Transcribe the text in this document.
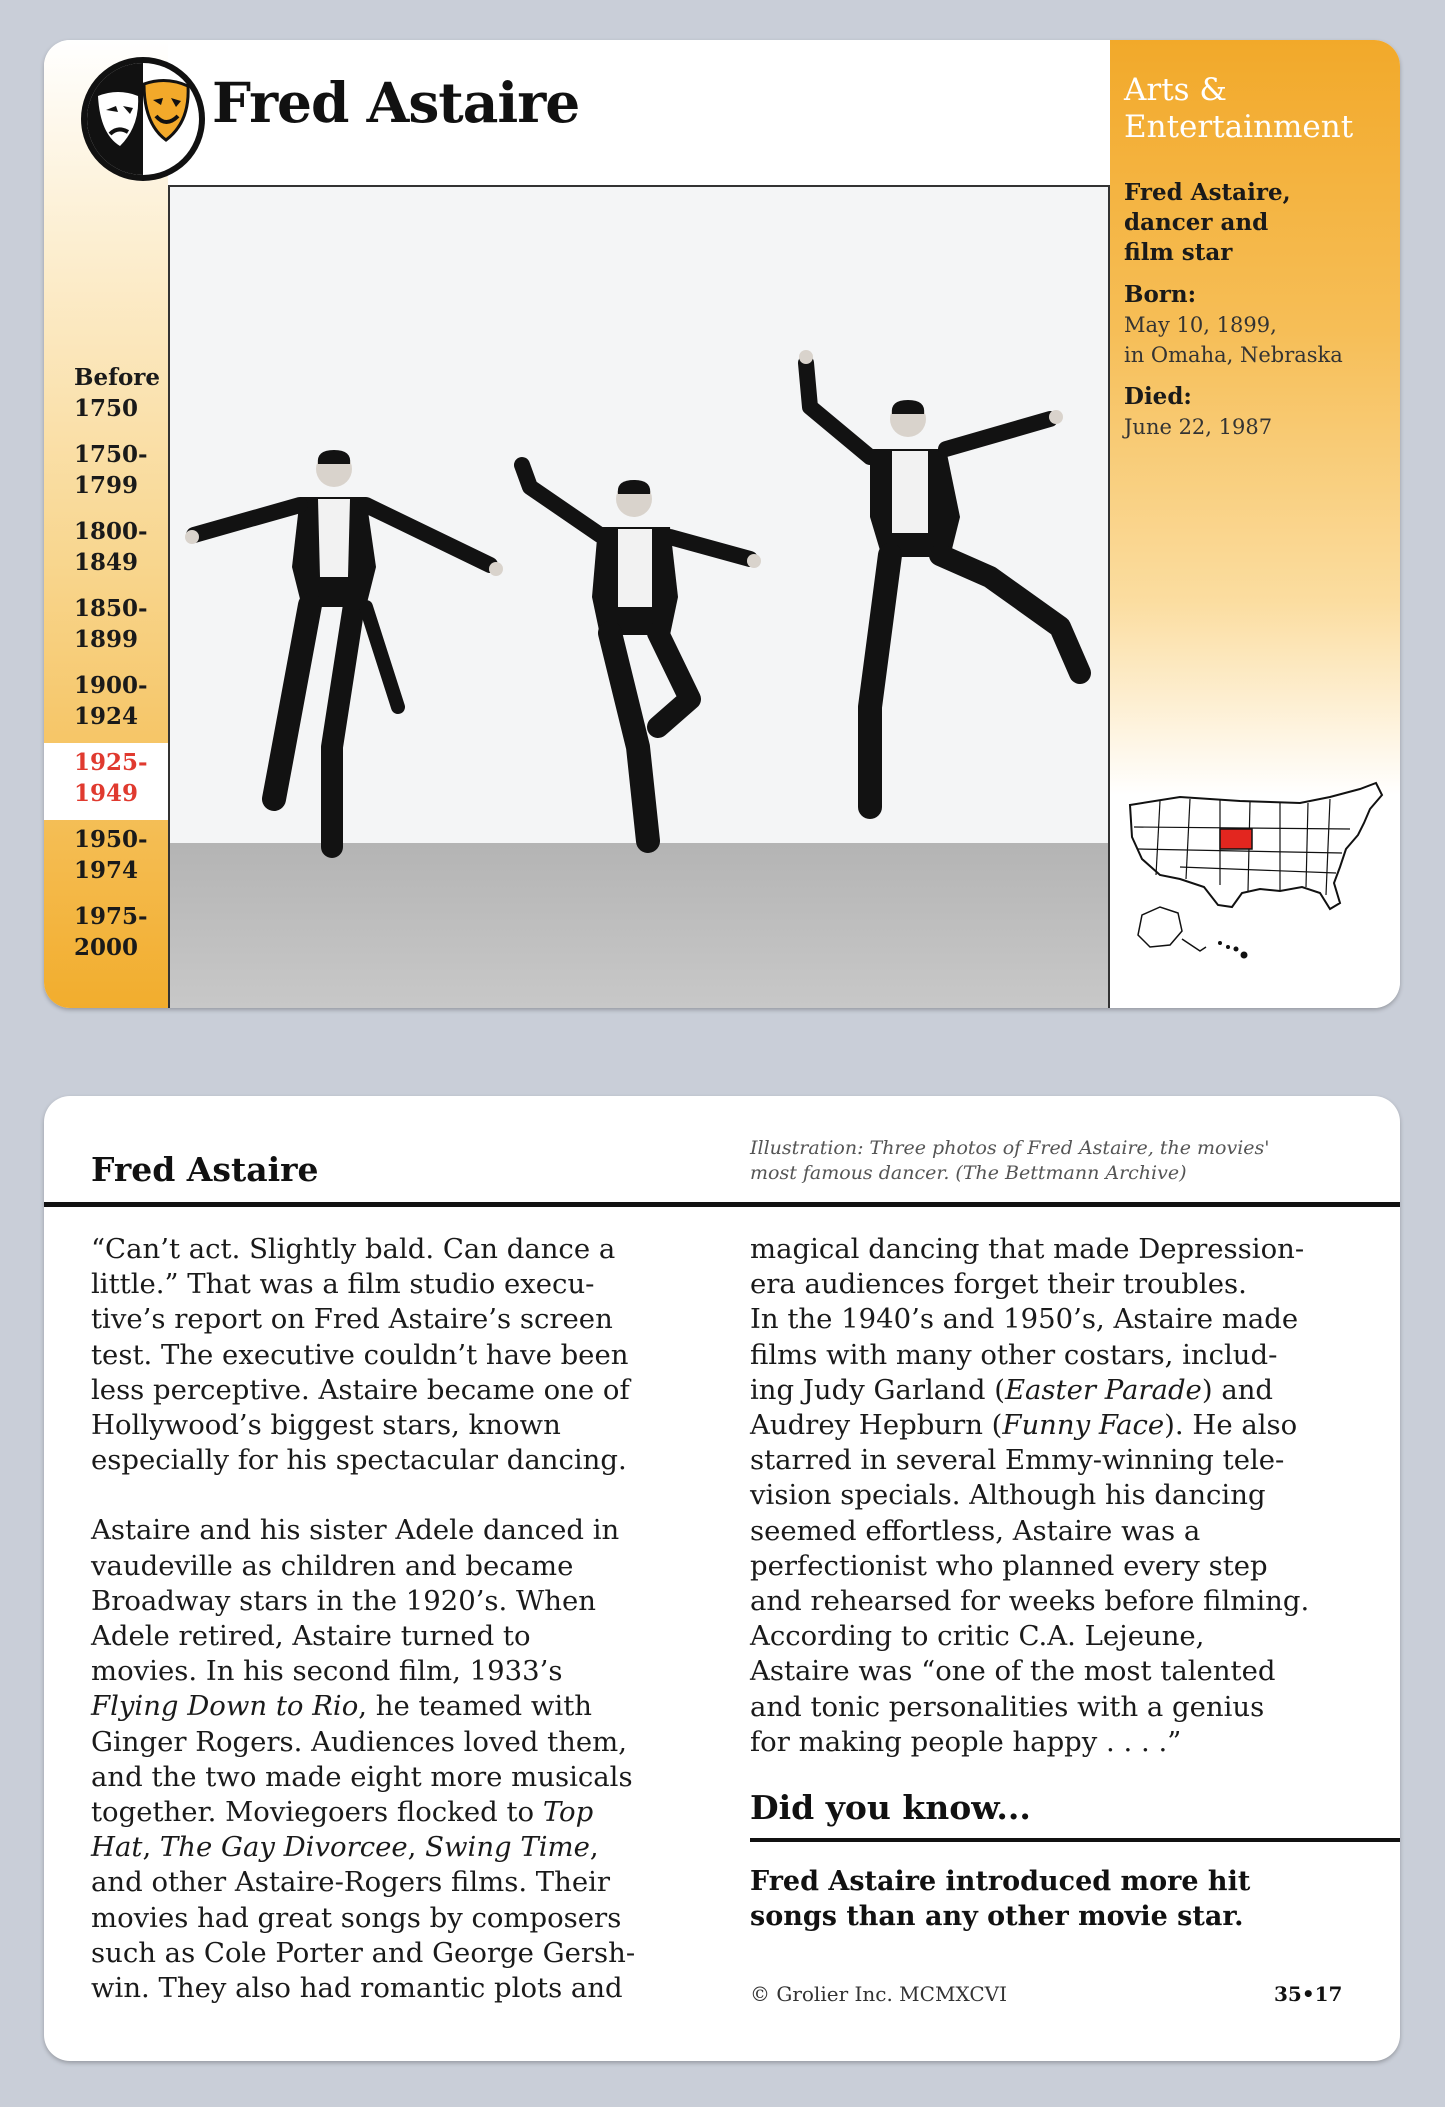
Fred Astaire
Before
1750
1750-
1799
1800-
1849
1850-
1899
1900-
1924
1925-
1949
1950-
1974
1975-
2000
Arts &
Entertainment
Fred Astaire,
dancer and
film star
Born:
May 10, 1899,
in Omaha, Nebraska
Died:
June 22, 1987
Fred Astaire
Illustration: Three photos of Fred Astaire, the movies'
most famous dancer. (The Bettmann Archive)

“Can’t act. Slightly bald. Can dance a

little.” That was a film studio execu-

tive’s report on Fred Astaire’s screen

test. The executive couldn’t have been

less perceptive. Astaire became one of

Hollywood’s biggest stars, known

especially for his spectacular dancing.

Astaire and his sister Adele danced in

vaudeville as children and became

Broadway stars in the 1920’s. When

Adele retired, Astaire turned to

movies. In his second film, 1933’s

Flying Down to Rio, he teamed with

Ginger Rogers. Audiences loved them,

and the two made eight more musicals

together. Moviegoers flocked to Top

Hat, The Gay Divorcee, Swing Time,

and other Astaire-Rogers films. Their

movies had great songs by composers

such as Cole Porter and George Gersh-

win. They also had romantic plots and

magical dancing that made Depression-

era audiences forget their troubles.

In the 1940’s and 1950’s, Astaire made

films with many other costars, includ-

ing Judy Garland (Easter Parade) and

Audrey Hepburn (Funny Face). He also

starred in several Emmy-winning tele-

vision specials. Although his dancing

seemed effortless, Astaire was a

perfectionist who planned every step

and rehearsed for weeks before filming.

According to critic C.A. Lejeune,

Astaire was “one of the most talented

and tonic personalities with a genius

for making people happy . . . .”

Did you know...
Fred Astaire introduced more hit
songs than any other movie star.
© Grolier Inc. MCMXCVI	35•17
